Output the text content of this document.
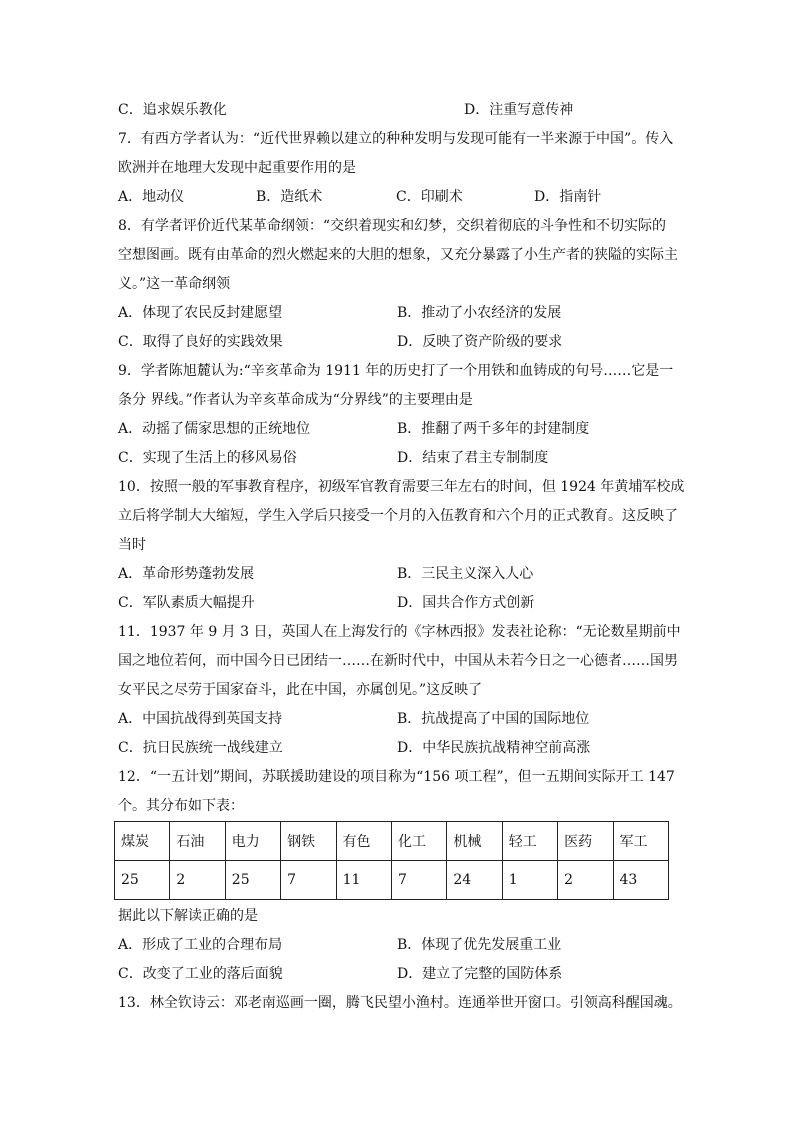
C．追求娱乐教化	D．注重写意传神
7．有西方学者认为：“近代世界赖以建立的种种发明与发现可能有一半来源于中国”。传入
欧洲并在地理大发现中起重要作用的是
A．地动仪	B．造纸术	C．印刷术	D．指南针
8．有学者评价近代某革命纲领：“交织着现实和幻梦，交织着彻底的斗争性和不切实际的
空想图画。既有由革命的烈火燃起来的大胆的想象，又充分暴露了小生产者的狭隘的实际主
义。”这一革命纲领
A．体现了农民反封建愿望	B．推动了小农经济的发展
C．取得了良好的实践效果	D．反映了资产阶级的要求
9．学者陈旭麓认为:“辛亥革命为 1911 年的历史打了一个用铁和血铸成的句号……它是一
条分 界线。”作者认为辛亥革命成为“分界线”的主要理由是
A．动摇了儒家思想的正统地位	B．推翻了两千多年的封建制度
C．实现了生活上的移风易俗	D．结束了君主专制制度
10．按照一般的军事教育程序，初级军官教育需要三年左右的时间，但 1924 年黄埔军校成
立后将学制大大缩短，学生入学后只接受一个月的入伍教育和六个月的正式教育。这反映了
当时
A．革命形势蓬勃发展	B．三民主义深入人心
C．军队素质大幅提升	D．国共合作方式创新
11．1937 年 9 月 3 日，英国人在上海发行的《字林西报》发表社论称：“无论数星期前中
国之地位若何，而中国今日已团结一……在新时代中，中国从未若今日之一心德者……国男
女平民之尽劳于国家奋斗，此在中国，亦属创见。”这反映了
A．中国抗战得到英国支持	B．抗战提高了中国的国际地位
C．抗日民族统一战线建立	D．中华民族抗战精神空前高涨
12．“一五计划”期间，苏联援助建设的项目称为“156 项工程”，但一五期间实际开工 147
个。其分布如下表：
煤炭	石油	电力	钢铁	有色	化工	机械	轻工	医药	军工
25	2	25	7	11	7	24	1	2	43
据此以下解读正确的是
A．形成了工业的合理布局	B．体现了优先发展重工业
C．改变了工业的落后面貌	D．建立了完整的国防体系
13．林全钦诗云：邓老南巡画一圈，腾飞民望小渔村。连通举世开窗口。引领高科醒国魂。
